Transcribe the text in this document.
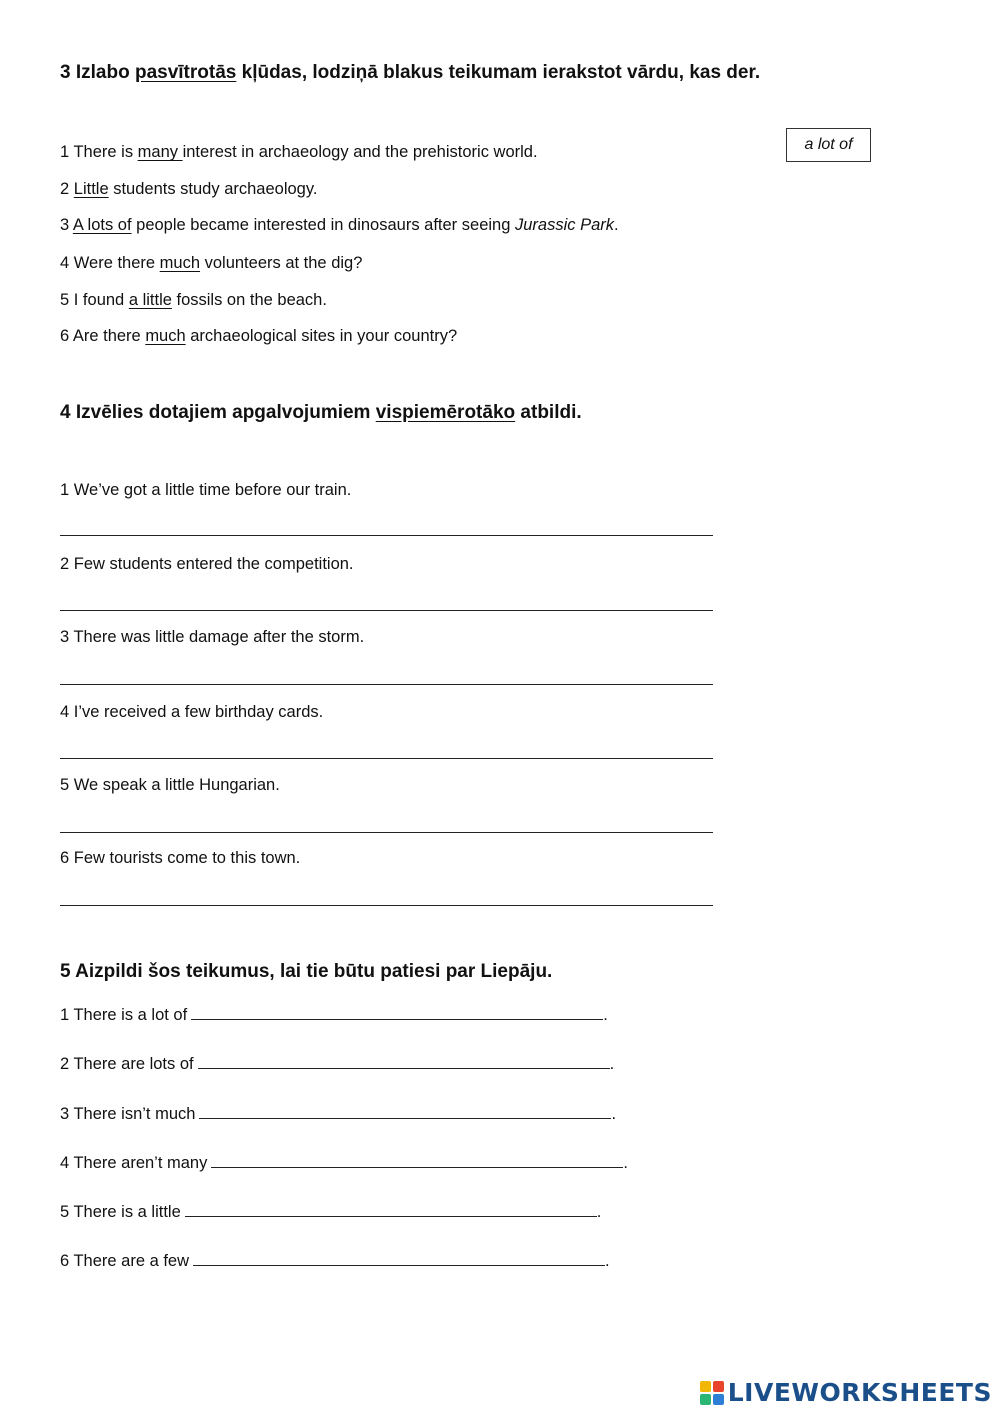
3 Izlabo pasvītrotās kļūdas, lodziņā blakus teikumam ierakstot vārdu, kas der.
a lot of
1 There is many interest in archaeology and the prehistoric world.
2 Little students study archaeology.
3 A lots of people became interested in dinosaurs after seeing Jurassic Park.
4 Were there much volunteers at the dig?
5 I found a little fossils on the beach.
6 Are there much archaeological sites in your country?
4 Izvēlies dotajiem apgalvojumiem vispiemērotāko atbildi.
1 We’ve got a little time before our train.
2 Few students entered the competition.
3 There was little damage after the storm.
4 I’ve received a few birthday cards.
5 We speak a little Hungarian.
6 Few tourists come to this town.
5 Aizpildi šos teikumus, lai tie būtu patiesi par Liepāju.
1 There is a lot of	.
2 There are lots of	.
3 There isn’t much	.
4 There aren’t many	.
5 There is a little	.
6 There are a few	.
LIVEWORKSHEETS
